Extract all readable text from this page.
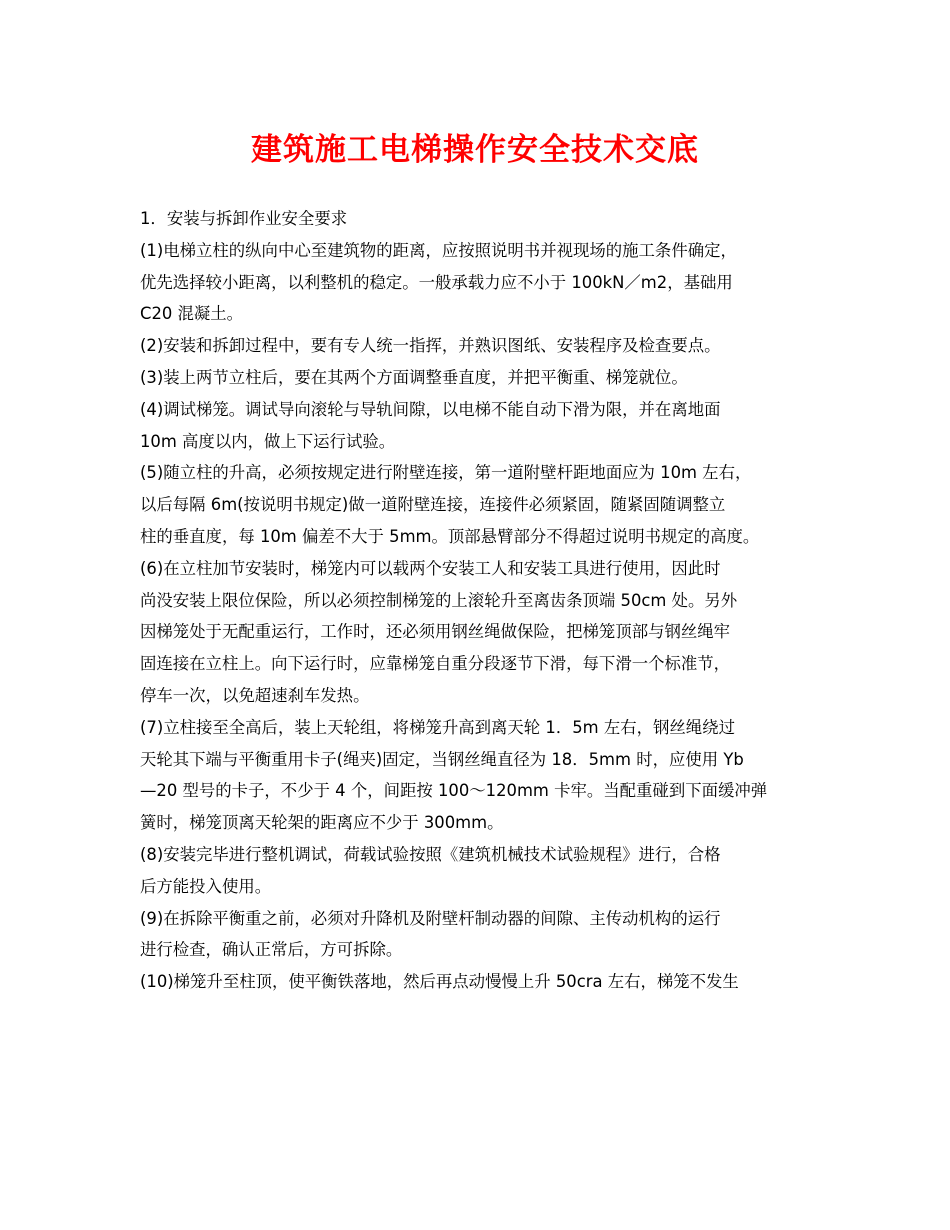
建筑施工电梯操作安全技术交底
1．安装与拆卸作业安全要求
(1)电梯立柱的纵向中心至建筑物的距离，应按照说明书并视现场的施工条件确定，
优先选择较小距离，以利整机的稳定。一般承载力应不小于 100kN／m2，基础用
C20 混凝土。
(2)安装和拆卸过程中，要有专人统一指挥，并熟识图纸、安装程序及检查要点。
(3)装上两节立柱后，要在其两个方面调整垂直度，并把平衡重、梯笼就位。
(4)调试梯笼。调试导向滚轮与导轨间隙，以电梯不能自动下滑为限，并在离地面
10m 高度以内，做上下运行试验。
(5)随立柱的升高，必须按规定进行附壁连接，第一道附壁杆距地面应为 10m 左右，
以后每隔 6m(按说明书规定)做一道附壁连接，连接件必须紧固，随紧固随调整立
柱的垂直度，每 10m 偏差不大于 5mm。顶部悬臂部分不得超过说明书规定的高度。
(6)在立柱加节安装时，梯笼内可以载两个安装工人和安装工具进行使用，因此时
尚没安装上限位保险，所以必须控制梯笼的上滚轮升至离齿条顶端 50cm 处。另外
因梯笼处于无配重运行，工作时，还必须用钢丝绳做保险，把梯笼顶部与钢丝绳牢
固连接在立柱上。向下运行时，应靠梯笼自重分段逐节下滑，每下滑一个标准节，
停车一次，以免超速刹车发热。
(7)立柱接至全高后，装上天轮组，将梯笼升高到离天轮 1．5m 左右，钢丝绳绕过
天轮其下端与平衡重用卡子(绳夹)固定，当钢丝绳直径为 18．5mm 时，应使用 Yb
—20 型号的卡子，不少于 4 个，间距按 100～120mm 卡牢。当配重碰到下面缓冲弹
簧时，梯笼顶离天轮架的距离应不少于 300mm。
(8)安装完毕进行整机调试，荷载试验按照《建筑机械技术试验规程》进行，合格
后方能投入使用。
(9)在拆除平衡重之前，必须对升降机及附壁杆制动器的间隙、主传动机构的运行
进行检查，确认正常后，方可拆除。
(10)梯笼升至柱顶，使平衡铁落地，然后再点动慢慢上升 50cra 左右，梯笼不发生
